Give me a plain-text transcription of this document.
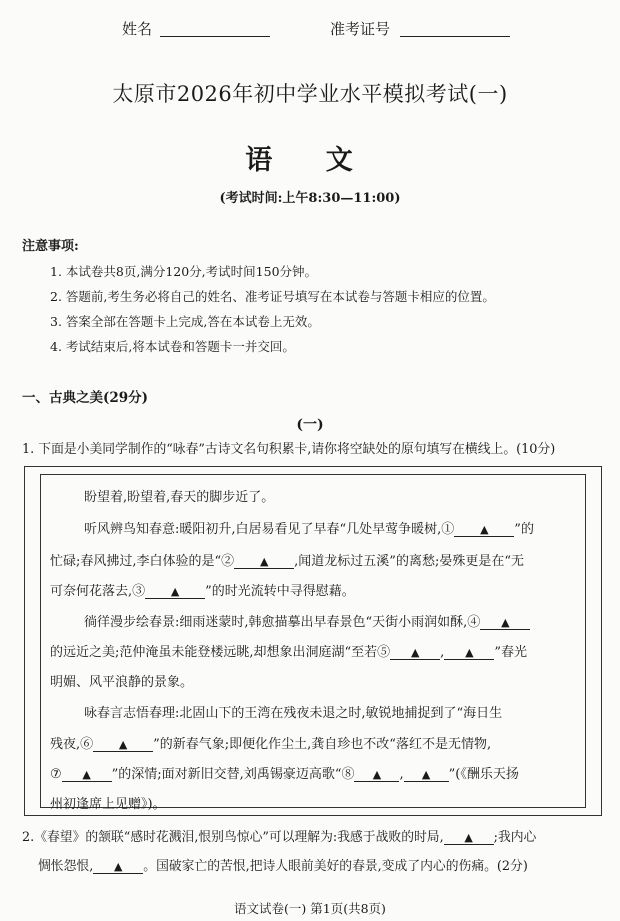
姓名	准考证号
太原市2026年初中学业水平模拟考试(一)
语 文
(考试时间:上午8:30—11:00)
注意事项:
1. 本试卷共8页,满分120分,考试时间150分钟。
2. 答题前,考生务必将自己的姓名、准考证号填写在本试卷与答题卡相应的位置。
3. 答案全部在答题卡上完成,答在本试卷上无效。
4. 考试结束后,将本试卷和答题卡一并交回。
一、古典之美(29分)
(一)
1. 下面是小美同学制作的“咏春”古诗文名句积累卡,请你将空缺处的原句填写在横线上。(10分)
盼望着,盼望着,春天的脚步近了。
听风辨鸟知春意:暖阳初升,白居易看见了早春“几处早莺争暖树,① ▲ ”的
忙碌;春风拂过,李白体验的是“② ▲ ,闻道龙标过五溪”的离愁;晏殊更是在“无
可奈何花落去,③ ▲ ”的时光流转中寻得慰藉。
徜徉漫步绘春景:细雨迷蒙时,韩愈描摹出早春景色“天街小雨润如酥,④ ▲
的远近之美;范仲淹虽未能登楼远眺,却想象出洞庭湖“至若⑤ ▲ , ▲ ”春光
明媚、风平浪静的景象。
咏春言志悟春理:北固山下的王湾在残夜未退之时,敏锐地捕捉到了“海日生
残夜,⑥ ▲ ”的新春气象;即便化作尘土,龚自珍也不改“落红不是无情物,
⑦ ▲ ”的深情;面对新旧交替,刘禹锡豪迈高歌“⑧ ▲ , ▲ ”(《酬乐天扬
州初逢席上见赠》)。
2.《春望》的颔联“感时花溅泪,恨别鸟惊心”可以理解为:我感于战败的时局, ▲ ;我内心
惆怅怨恨, ▲ 。国破家亡的苦恨,把诗人眼前美好的春景,变成了内心的伤痛。(2分)
语文试卷(一) 第1页(共8页)
